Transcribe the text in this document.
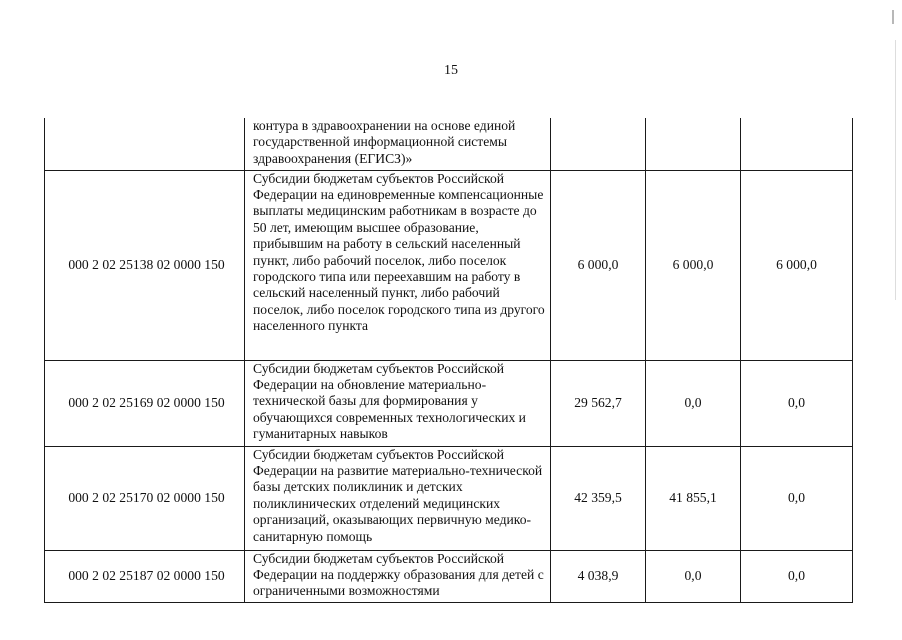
15
	контура в здравоохранении на основе единой государственной информационной системы здравоохранения (ЕГИСЗ)»			
000 2 02 25138 02 0000 150	Субсидии бюджетам субъектов Российской Федерации на единовременные компенсационные выплаты медицинским работникам в возрасте до 50 лет, имеющим высшее образование, прибывшим на работу в сельский населенный пункт, либо рабочий поселок, либо поселок городского типа или переехавшим на работу в сельский населенный пункт, либо рабочий поселок, либо поселок городского типа из другого населенного пункта	6 000,0	6 000,0	6 000,0
000 2 02 25169 02 0000 150	Субсидии бюджетам субъектов Российской Федерации на обновление материально-технической базы для формирования у обучающихся современных технологических и гуманитарных навыков	29 562,7	0,0	0,0
000 2 02 25170 02 0000 150	Субсидии бюджетам субъектов Российской Федерации на развитие материально-технической базы детских поликлиник и детских поликлинических отделений медицинских организаций, оказывающих первичную медико-санитарную помощь	42 359,5	41 855,1	0,0
000 2 02 25187 02 0000 150	Субсидии бюджетам субъектов Российской Федерации на поддержку образования для детей с ограниченными возможностями	4 038,9	0,0	0,0
